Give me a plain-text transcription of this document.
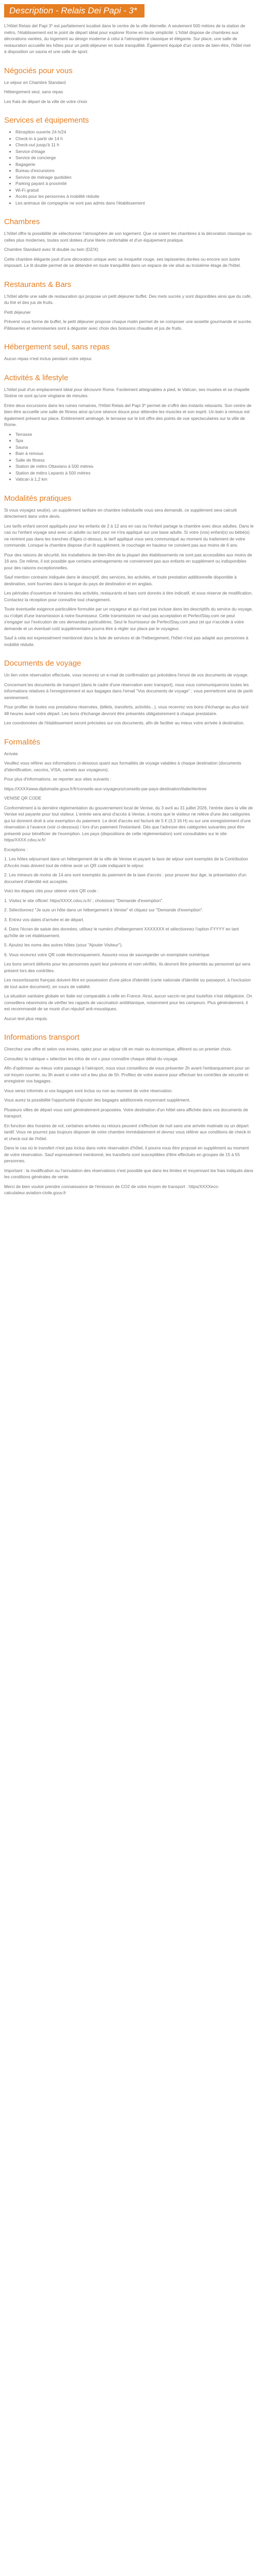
Description - Relais Dei Papi - 3*

L'Hôtel Relais del Papi 3* est parfaitement localisé dans le centre de la ville éternelle. A seulement 500 mètres de la station de métro, l'établissement est le point de départ idéal pour explorer Rome en toute simplicité. L'hôtel dispose de chambres aux décorations variées, du logement au design moderne à celui à l'atmosphère classique et élégante. Sur place, une salle de restauration accueille les hôtes pour un petit-déjeuner en toute tranquillité. Également équipé d'un centre de bien-être, l'hôtel met à disposition un sauna et une salle de sport.

Négociés pour vous

Le séjour en Chambre Standard

Hébergement seul, sans repas

Les frais de départ de la ville de votre choix

Services et équipements
• Réception ouverte 24 h/24
• Check-in à partir de 14 h
• Check-out jusqu'à 11 h
• Service d'étage
• Service de concierge
• Bagagerie
• Bureau d'excursions
• Service de ménage quotidien
• Parking payant à proximité
• Wi-Fi gratuit
• Accès pour les personnes à mobilité réduite
• Les animaux de compagnie ne sont pas admis dans l'établissement
Chambres

L'hôtel offre la possibilité de sélectionner l'atmosphère de son logement. Que ce soient les chambres à la décoration classique ou celles plus modernes, toutes sont dotées d'une literie confortable et d'un équipement pratique.

Chambre Standard avec lit double ou twin (DZ/X)

Cette chambre élégante jouit d'une décoration unique avec sa moquette rouge, ses tapisseries dorées ou encore son lustre imposant. Le lit double permet de se détendre en toute tranquillité dans un espace de vie situé au troisième étage de l'hôtel.

Restaurants & Bars

L'hôtel abrite une salle de restauration qui propose un petit déjeuner buffet. Des mets sucrés y sont disponibles ainsi que du café, du thé et des jus de fruits.

Petit déjeuner

Prévenir vous forme de buffet, le petit déjeuner propose chaque matin permet de se composer une assiette gourmande et sucrée. Pâtisseries et viennoiseries sont à déguster avec choix des boissons chaudes et jus de fruits.

Hébergement seul, sans repas

Aucun repas n'est inclus pendant votre séjour.

Activités & lifestyle

L'hôtel jouit d'un emplacement idéal pour découvrir Rome. Facilement atteignables à pied, le Vatican, ses musées et sa chapelle Sixtine ne sont qu'une vingtaine de minutes.

Entre deux excursions dans les ruines romaines, l'Hôtel Relais del Papi 3* permet de s'offrir des instants relaxants. Son centre de bien-être accueille une salle de fitness ainsi qu'une séance douce pour détendre les muscles et son esprit. Un bain à remous est également présent sur place. Entièrement aménagé, le terrasse sur le toit offre des points de vue spectaculaires sur la ville de Rome.

• Terrasse
• Spa
• Sauna
• Bain à remous
• Salle de fitness
• Station de métro Ottaviano à 500 mètres
• Station de métro Lepanto à 500 mètres
• Vatican à 1,2 km
Modalités pratiques

Si vous voyagez seul(e), un supplément tarifaire en chambre individuelle vous sera demandé, ce supplément sera calculé directement dans votre devis.

Les tarifs enfant seront appliqués pour les enfants de 2 à 12 ans en cas ou l'enfant partage la chambre avec deux adultes. Dans le cas ou l'enfant voyage seul avec un adulte ou tant pour ne n'ira appliqué sur une base adulte. Si votre (vos) enfant(s) ou bébé(s) ne rentrent pas dans les tranches d'âges ci-dessus, le tarif appliqué vous sera communiqué au moment du traitement de votre commande. Lorsque la chambre dispose d'un lit supplément, le couchage en hauteur ne convient pas aux moins de 6 ans.

Pour des raisons de sécurité, les installations de bien-être de la plupart des établissements ne sont pas accessibles aux moins de 16 ans. De même, il est possible que certains aménagements ne conviennent pas aux enfants en supplément ou indisponibles pour des raisons exceptionnelles.

Sauf mention contraire indiquée dans le descriptif, des services, les activités, et toute prestation additionnelle disponible à destination, sont fournies dans la langue du pays de destination et en anglais.

Les périodes d'ouverture et horaires des activités, restaurants et bars sont donnés à titre indicatif, et sous réserve de modification. Contactez la réception pour connaître tout changement.

Toute éventuelle exigence particulière formulée par un voyageur et qui n'est pas incluse dans les descriptifs du service du voyage, ou n'objet d'une transmission à notre fournisseur. Cette transmission ne vaut pas acceptation et PerfectStay.com ne peut s'engager sur l'exécution de ces demandes particulières. Seul le fournisseur de PerfectStay.com peut (et qui n'accède à votre demande et un éventuel coût supplémentaire pourra être à régler sur place par le voyageur.

Sauf à cela est expressément mentionné dans la liste de services et de l'hébergement, l'hôtel n'est pas adapté aux personnes à mobilité réduite.

Documents de voyage

Un lien votre réservation effectuée, vous recevrez un e-mail de confirmation qui précédera l'envoi de vos documents de voyage.

Concernant les documents de transport (dans le cadre d'une réservation avec transport), nous vous communiquerons toutes les informations relatives à l'enregistrement et aux bagages dans l'email "Vos documents de voyage" : vous permettront ainsi de partir sereinement.

Pour profiter de toutes vos prestations réservées, (billets, transferts, activités...), vous recevrez vos bons d'échange au plus tard 48 heures avant votre départ. Les bons d'échange devront être présentés obligatoirement à chaque prestataire.

Les coordonnées de l'établissement seront précisées sur vos documents, afin de faciliter au mieux votre arrivée à destination.

Formalités

Arrivée

Veuillez vous référer aux informations ci-dessous quant aux formalités de voyage valables à chaque destination (documents d'identification, vaccins, VISA, carnets aux voyageurs).

Pour plus d'informations, se reporter aux sites suivants :

https://XXXXwww.diplomatie.gouv.fr/fr/conseils-aux-voyageurs/conseils-par-pays-destination/italie/#entree

VENISE QR CODE

Conformément à la dernière réglementation du gouvernement local de Venise, du 3 avril au 31 juillet 2026, l'entrée dans la ville de Venise est payante pour tout visiteur. L'entrée sera ainsi d'accès à Venise, à moins que le visiteur ne relève d'une des catégories qui lui donnent droit à une exemption du paiement. Le droit d'accès est facturé de 5 € (3,3 16 H) ou sur une enregistrement d'une réservation à l'avance (voir ci-dessous) / lors d'un paiement l'instantané. Dès que l'adresse des catégories suivantes peut être présenté pour bénéficier de l'exemption. Les pays (dispositions de cette réglementation) sont consultables sur le site https/XXXX.cdvu.iv.fr/

Exceptions :

1. Les hôtes séjournant dans un hébergement de la ville de Venise et payant la taxe de séjour sont exemptés de la Contribution d'Accès mais doivent tout de même avoir un QR code indiquant le séjour.

2. Les mineurs de moins de 14 ans sont exemptés du paiement de la taxe d'accès : pour prouver leur âge, la présentation d'un document d'identité est acceptée.

Voici les étapes clés pour obtenir votre QR code :

1. Visitez le site officiel: https/XXXX.cdvu.iv.fr/ ; choisissez "Demande d'exemption".

2. Sélectionnez "Je suis un hôte dans un hébergement à Venise" et cliquez sur "Demande d'exemption".

3. Entrez vos dates d'arrivée et de départ.

4. Dans l'écran de saisie des données, utilisez le numéro d'hébergement XXXXXXX et sélectionnez l'option FYYYY en tant qu'hôte de cet établissement.

5. Ajoutez les noms des autres hôtes (sous "Ajouter Visiteur").

6. Vous recevrez votre QR code électroniquement. Assurez-vous de sauvegarder un exemplaire numérique.

Les bons seront délivrés pour les personnes ayant leur prénoms et nom vérifiés. Ils devront être présentés au personnel qui sera présent lors des contrôles.

Les ressortissants français doivent être en possession d'une pièce d'identité (carte nationale d'identité ou passeport, à l'exclusion de tout autre document), en cours de validité.

La situation sanitaire globale en Italie est comparable à celle en France. Ainsi, aucun vaccin ne peut toutefois n'est obligatoire. On conseillera néanmoins de vérifier les rappels de vaccination antitétanique, notamment pour les campeurs. Plus généralement, il est recommandé de se munir d'un répulsif anti-moustiques.

Aucun test plus requis.

Informations transport

Cherchez une offre et selon vos envies, optez pour un séjour clé en main ou économique, afférent ou un premier choix.

Consultez la rubrique « sélection les infos de vol » pour connaître chaque détail du voyage.

Afin d'optimiser au mieux votre passage à l'aéroport, nous vous conseillons de vous présenter 2h avant l'embarquement pour un vol moyen courrier, ou 3h avant si votre vol a lieu plus de 5h. Profitez de votre avance pour effectuer les contrôles de sécurité et enregistrer vos bagages.

Vous serez informés si vos bagages sont inclus ou non au moment de votre réservation.

Vous aurez la possibilité l'opportunité d'ajouter des bagages additionnels moyennant supplément.

Plusieurs villes de départ vous sont généralement proposées. Votre destination d'un hôtel sera affichée dans vos documents de transport.

En fonction des horaires de vol, certaines arrivées ou retours peuvent s'effectuer de nuit sans une arrivée matinale ou un départ tardif. Vous ne pourrez pas toujours disposer de votre chambre immédiatement et devrez vous référer aux conditions de check-in et check-out de l'hôtel.

Dans le cas où le transfert n'est pas inclus dans votre réservation d'hôtel, il pourra vous être proposé en supplément au moment de votre réservation. Sauf expressément mentionné, les transferts sont susceptibles d'être effectués en groupes de 15 à 55 personnes.

Important : la modification ou l'annulation des réservations n'est possible que dans les limites et moyennant les frais indiqués dans les conditions générales de vente.

Merci de bien vouloir prendre connaissance de l'émission de CO2 de votre moyen de transport : https/XXXXeco-calculateur.aviation-civile.gouv.fr
